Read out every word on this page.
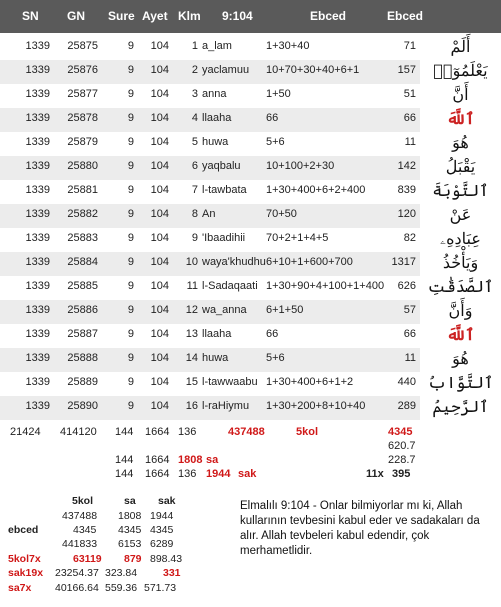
SN GN Sure Ayet Klm 9:104	Ebced	Ebced
1339	25875	9	104	1 a_lam	1+30+40	71	أَلَمْ
1339	25876	9	104	2 yaclamuu	10+70+30+40+6+1	157	يَعْلَمُوٓا۟
1339	25877	9	104	3 anna	1+50	51	أَنَّ
1339	25878	9	104	4 llaaha	66	66	ٱللَّهَ
1339	25879	9	104	5 huwa	5+6	11	هُوَ
1339	25880	9	104	6 yaqbalu	10+100+2+30	142	يَقْبَلُ
1339	25881	9	104	7 l-tawbata	1+30+400+6+2+400	839	ٱلتَّوْبَةَ
1339	25882	9	104	8 An	70+50	120	عَنْ
1339	25883	9	104	9 'Ibaadihii	70+2+1+4+5	82	عِبَادِهِۦ
1339	25884	9	104	10 waya'khudhu 6+10+1+600+700	1317	وَيَأْخُذُ
1339	25885	9	104	11 l-Sadaqaati 1+30+90+4+100+1+400	626 ٱلصَّدَقَٰتِ
1339	25886	9	104	12 wa_anna	6+1+50	57	وَأَنَّ
1339	25887	9	104	13 llaaha	66	66	ٱللَّهَ
1339	25888	9	104	14 huwa	5+6	11	هُوَ
1339	25889	9	104	15 l-tawwaabu 1+30+400+6+1+2	440 ٱلتَّوَّابُ
1339	25890	9	104	16 l-raHiymu	1+30+200+8+10+40	289	ٱلرَّحِيمُ
21424 414120 144 1664 136	437488	5kol	4345
620.7
144 1664 1808 sa	228.7
144 1664 136 1944 sak	11x 395
5kol	sa sak
437488 1808 1944
ebced	4345 4345 4345
441833 6153 6289
5kol7x	63119 879 898.43
sak19x 23254.37 323.84 331
sa7x 40166.64 559.36 571.73
Elmalılı 9:104 - Onlar bilmiyorlar mı ki, Allah kullarının tevbesini kabul eder ve sadakaları da alır. Allah tevbeleri kabul edendir, çok merhametlidir.
